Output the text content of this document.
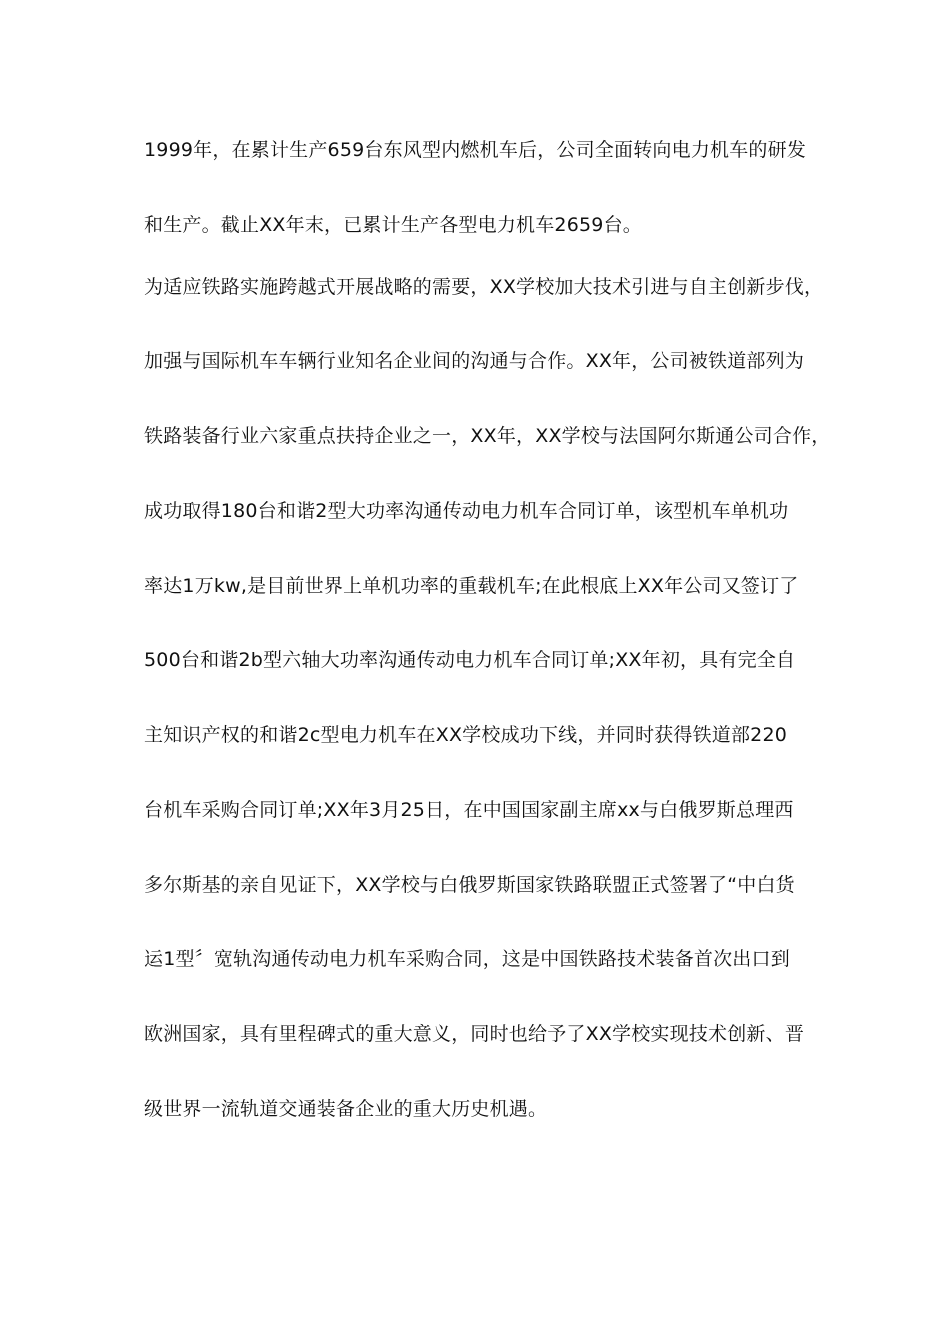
1999年，在累计生产659台东风型内燃机车后，公司全面转向电力机车的研发

和生产。截止XX年末，已累计生产各型电力机车2659台。

为适应铁路实施跨越式开展战略的需要，XX学校加大技术引进与自主创新步伐，

加强与国际机车车辆行业知名企业间的沟通与合作。XX年，公司被铁道部列为

铁路装备行业六家重点扶持企业之一，XX年，XX学校与法国阿尔斯通公司合作，

成功取得180台和谐2型大功率沟通传动电力机车合同订单，该型机车单机功

率达1万kw,是目前世界上单机功率的重载机车;在此根底上XX年公司又签订了

500台和谐2b型六轴大功率沟通传动电力机车合同订单;XX年初，具有完全自

主知识产权的和谐2c型电力机车在XX学校成功下线，并同时获得铁道部220

台机车采购合同订单;XX年3月25日，在中国国家副主席xx与白俄罗斯总理西

多尔斯基的亲自见证下，XX学校与白俄罗斯国家铁路联盟正式签署了“中白货

运1型〞宽轨沟通传动电力机车采购合同，这是中国铁路技术装备首次出口到

欧洲国家，具有里程碑式的重大意义，同时也给予了XX学校实现技术创新、晋

级世界一流轨道交通装备企业的重大历史机遇。
